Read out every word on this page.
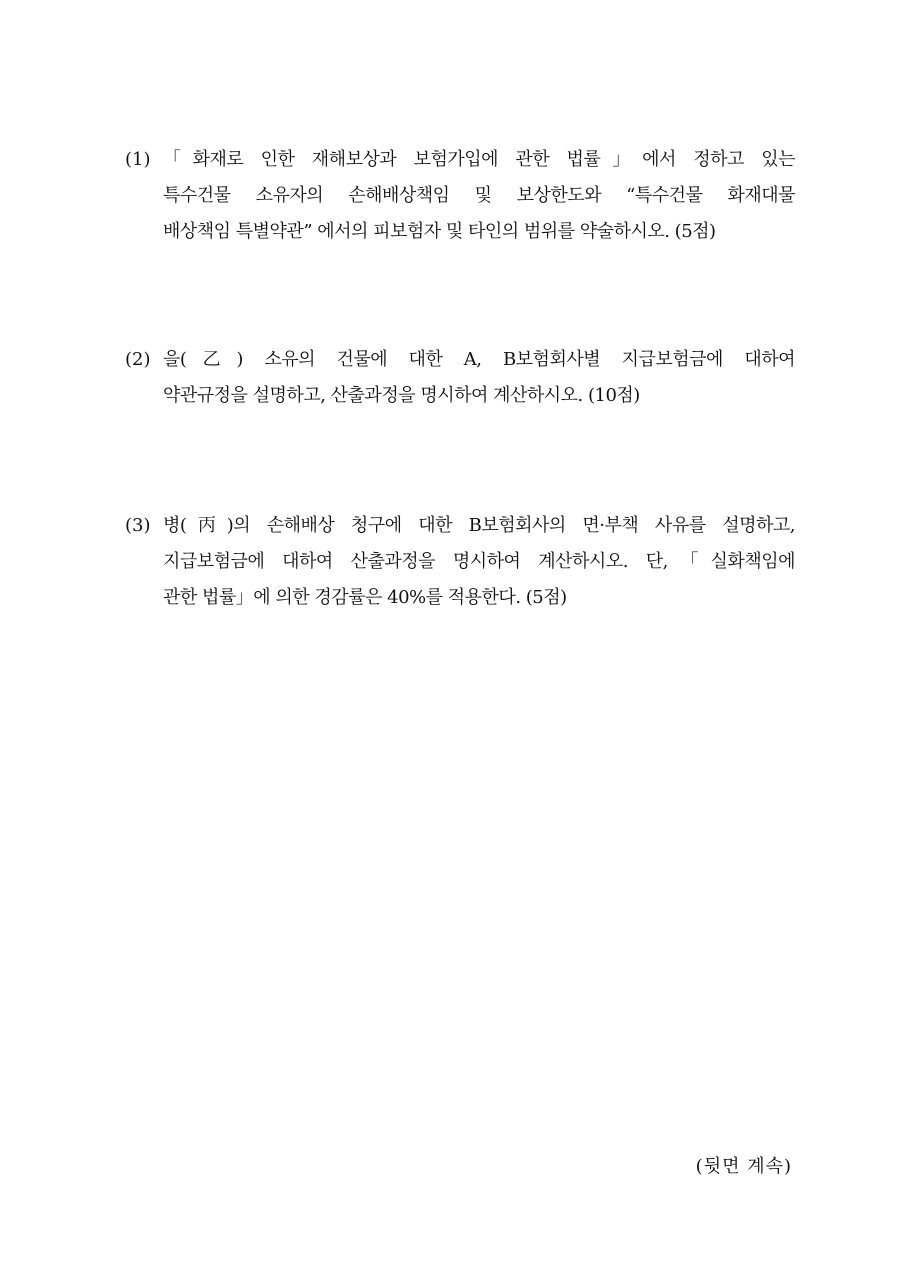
(1) 「화재로 인한 재해보상과 보험가입에 관한 법률」에서 정하고 있는
특수건물 소유자의 손해배상책임 및 보상한도와 “특수건물 화재대물
배상책임 특별약관” 에서의 피보험자 및 타인의 범위를 약술하시오. (5점)
(2) 을(乙) 소유의 건물에 대한 A, B보험회사별 지급보험금에 대하여
약관규정을 설명하고, 산출과정을 명시하여 계산하시오. (10점)
(3) 병(丙)의 손해배상 청구에 대한 B보험회사의 면·부책 사유를 설명하고,
지급보험금에 대하여 산출과정을 명시하여 계산하시오. 단,「실화책임에
관한 법률」에 의한 경감률은 40%를 적용한다. (5점)
(뒷면 계속)
